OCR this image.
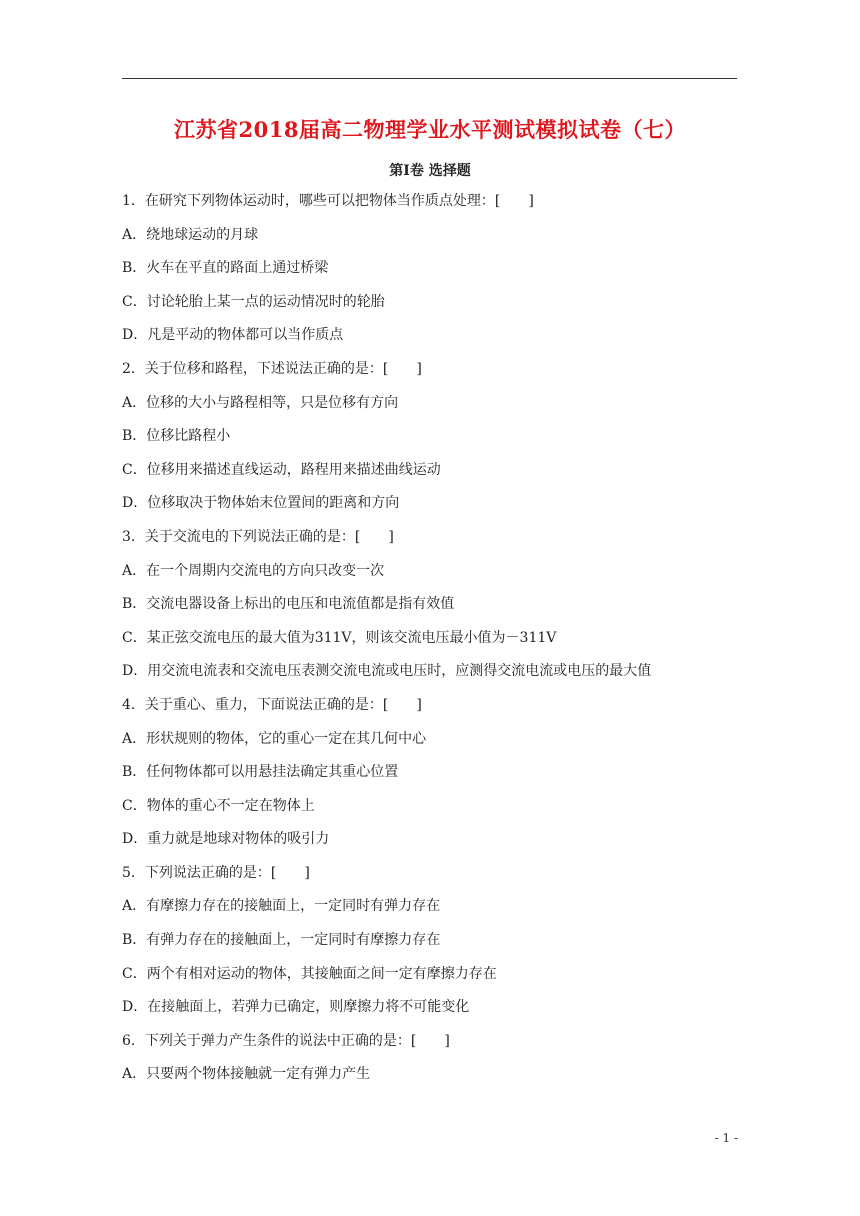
江苏省2018届高二物理学业水平测试模拟试卷（七）
第Ⅰ卷 选择题
1．在研究下列物体运动时，哪些可以把物体当作质点处理：[　　]
A．绕地球运动的月球
B．火车在平直的路面上通过桥梁
C．讨论轮胎上某一点的运动情况时的轮胎
D．凡是平动的物体都可以当作质点
2．关于位移和路程，下述说法正确的是：[　　]
A．位移的大小与路程相等，只是位移有方向
B．位移比路程小
C．位移用来描述直线运动，路程用来描述曲线运动
D．位移取决于物体始末位置间的距离和方向
3．关于交流电的下列说法正确的是：[　　]
A．在一个周期内交流电的方向只改变一次
B．交流电器设备上标出的电压和电流值都是指有效值
C．某正弦交流电压的最大值为311V，则该交流电压最小值为－311V
D．用交流电流表和交流电压表测交流电流或电压时，应测得交流电流或电压的最大值
4．关于重心、重力，下面说法正确的是：[　　]
A．形状规则的物体，它的重心一定在其几何中心
B．任何物体都可以用悬挂法确定其重心位置
C．物体的重心不一定在物体上
D．重力就是地球对物体的吸引力
5．下列说法正确的是：[　　]
A．有摩擦力存在的接触面上，一定同时有弹力存在
B．有弹力存在的接触面上，一定同时有摩擦力存在
C．两个有相对运动的物体，其接触面之间一定有摩擦力存在
D．在接触面上，若弹力已确定，则摩擦力将不可能变化
6．下列关于弹力产生条件的说法中正确的是：[　　]
A．只要两个物体接触就一定有弹力产生
- 1 -
